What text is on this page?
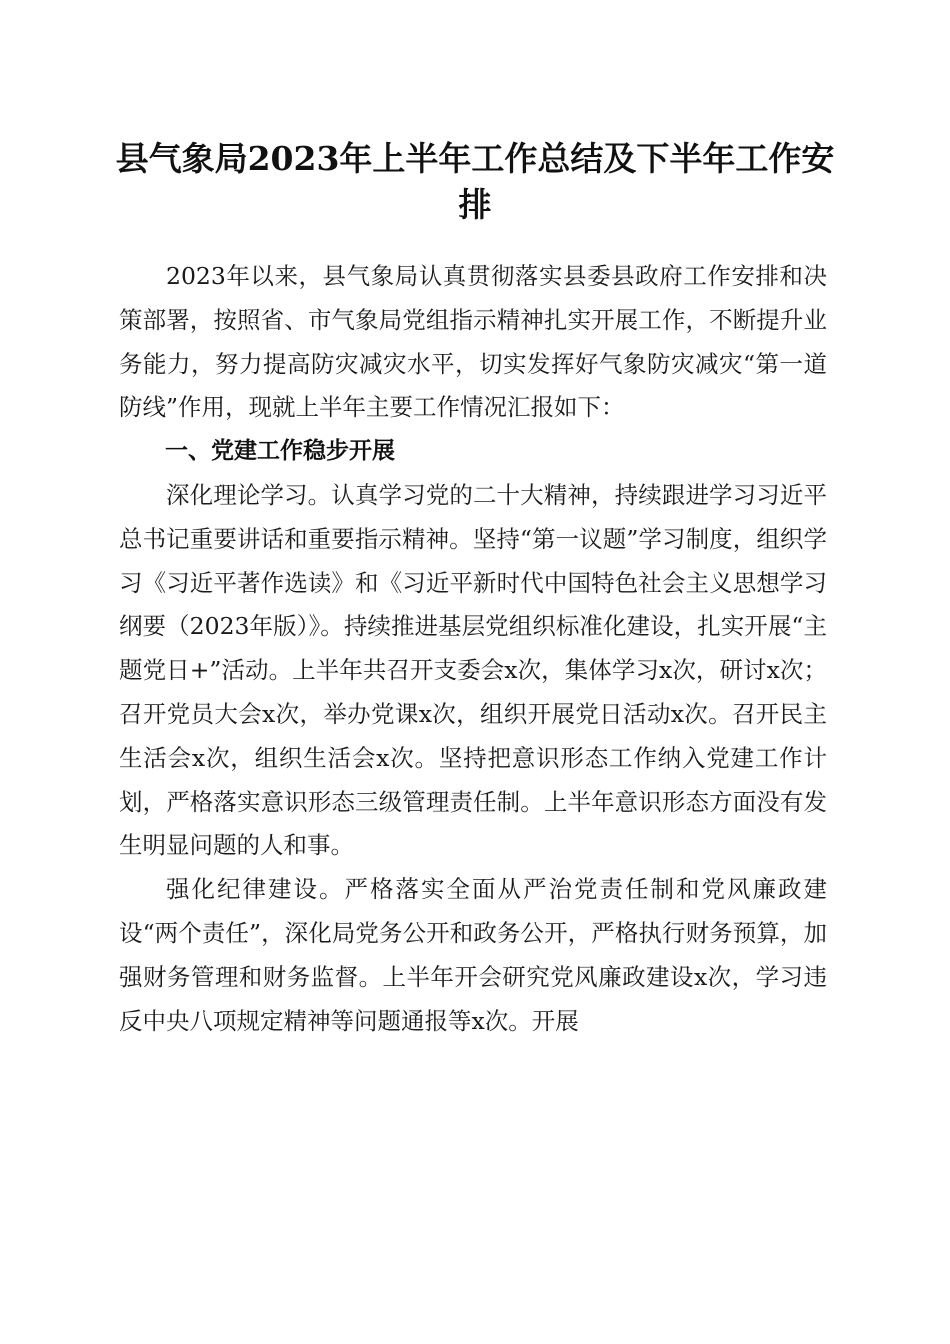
县气象局2023年上半年工作总结及下半年工作安排

2023年以来，县气象局认真贯彻落实县委县政府工作安排和决策部署，按照省、市气象局党组指示精神扎实开展工作，不断提升业务能力，努力提高防灾减灾水平，切实发挥好气象防灾减灾“第一道防线”作用，现就上半年主要工作情况汇报如下：

一、党建工作稳步开展

深化理论学习。认真学习党的二十大精神，持续跟进学习习近平总书记重要讲话和重要指示精神。坚持“第一议题”学习制度，组织学习《习近平著作选读》和《习近平新时代中国特色社会主义思想学习纲要（2023年版）》。持续推进基层党组织标准化建设，扎实开展“主题党日+”活动。上半年共召开支委会x次，集体学习x次，研讨x次；召开党员大会x次，举办党课x次，组织开展党日活动x次。召开民主生活会x次，组织生活会x次。坚持把意识形态工作纳入党建工作计划，严格落实意识形态三级管理责任制。上半年意识形态方面没有发生明显问题的人和事。

强化纪律建设。严格落实全面从严治党责任制和党风廉政建设“两个责任”，深化局党务公开和政务公开，严格执行财务预算，加强财务管理和财务监督。上半年开会研究党风廉政建设x次，学习违反中央八项规定精神等问题通报等x次。开展
